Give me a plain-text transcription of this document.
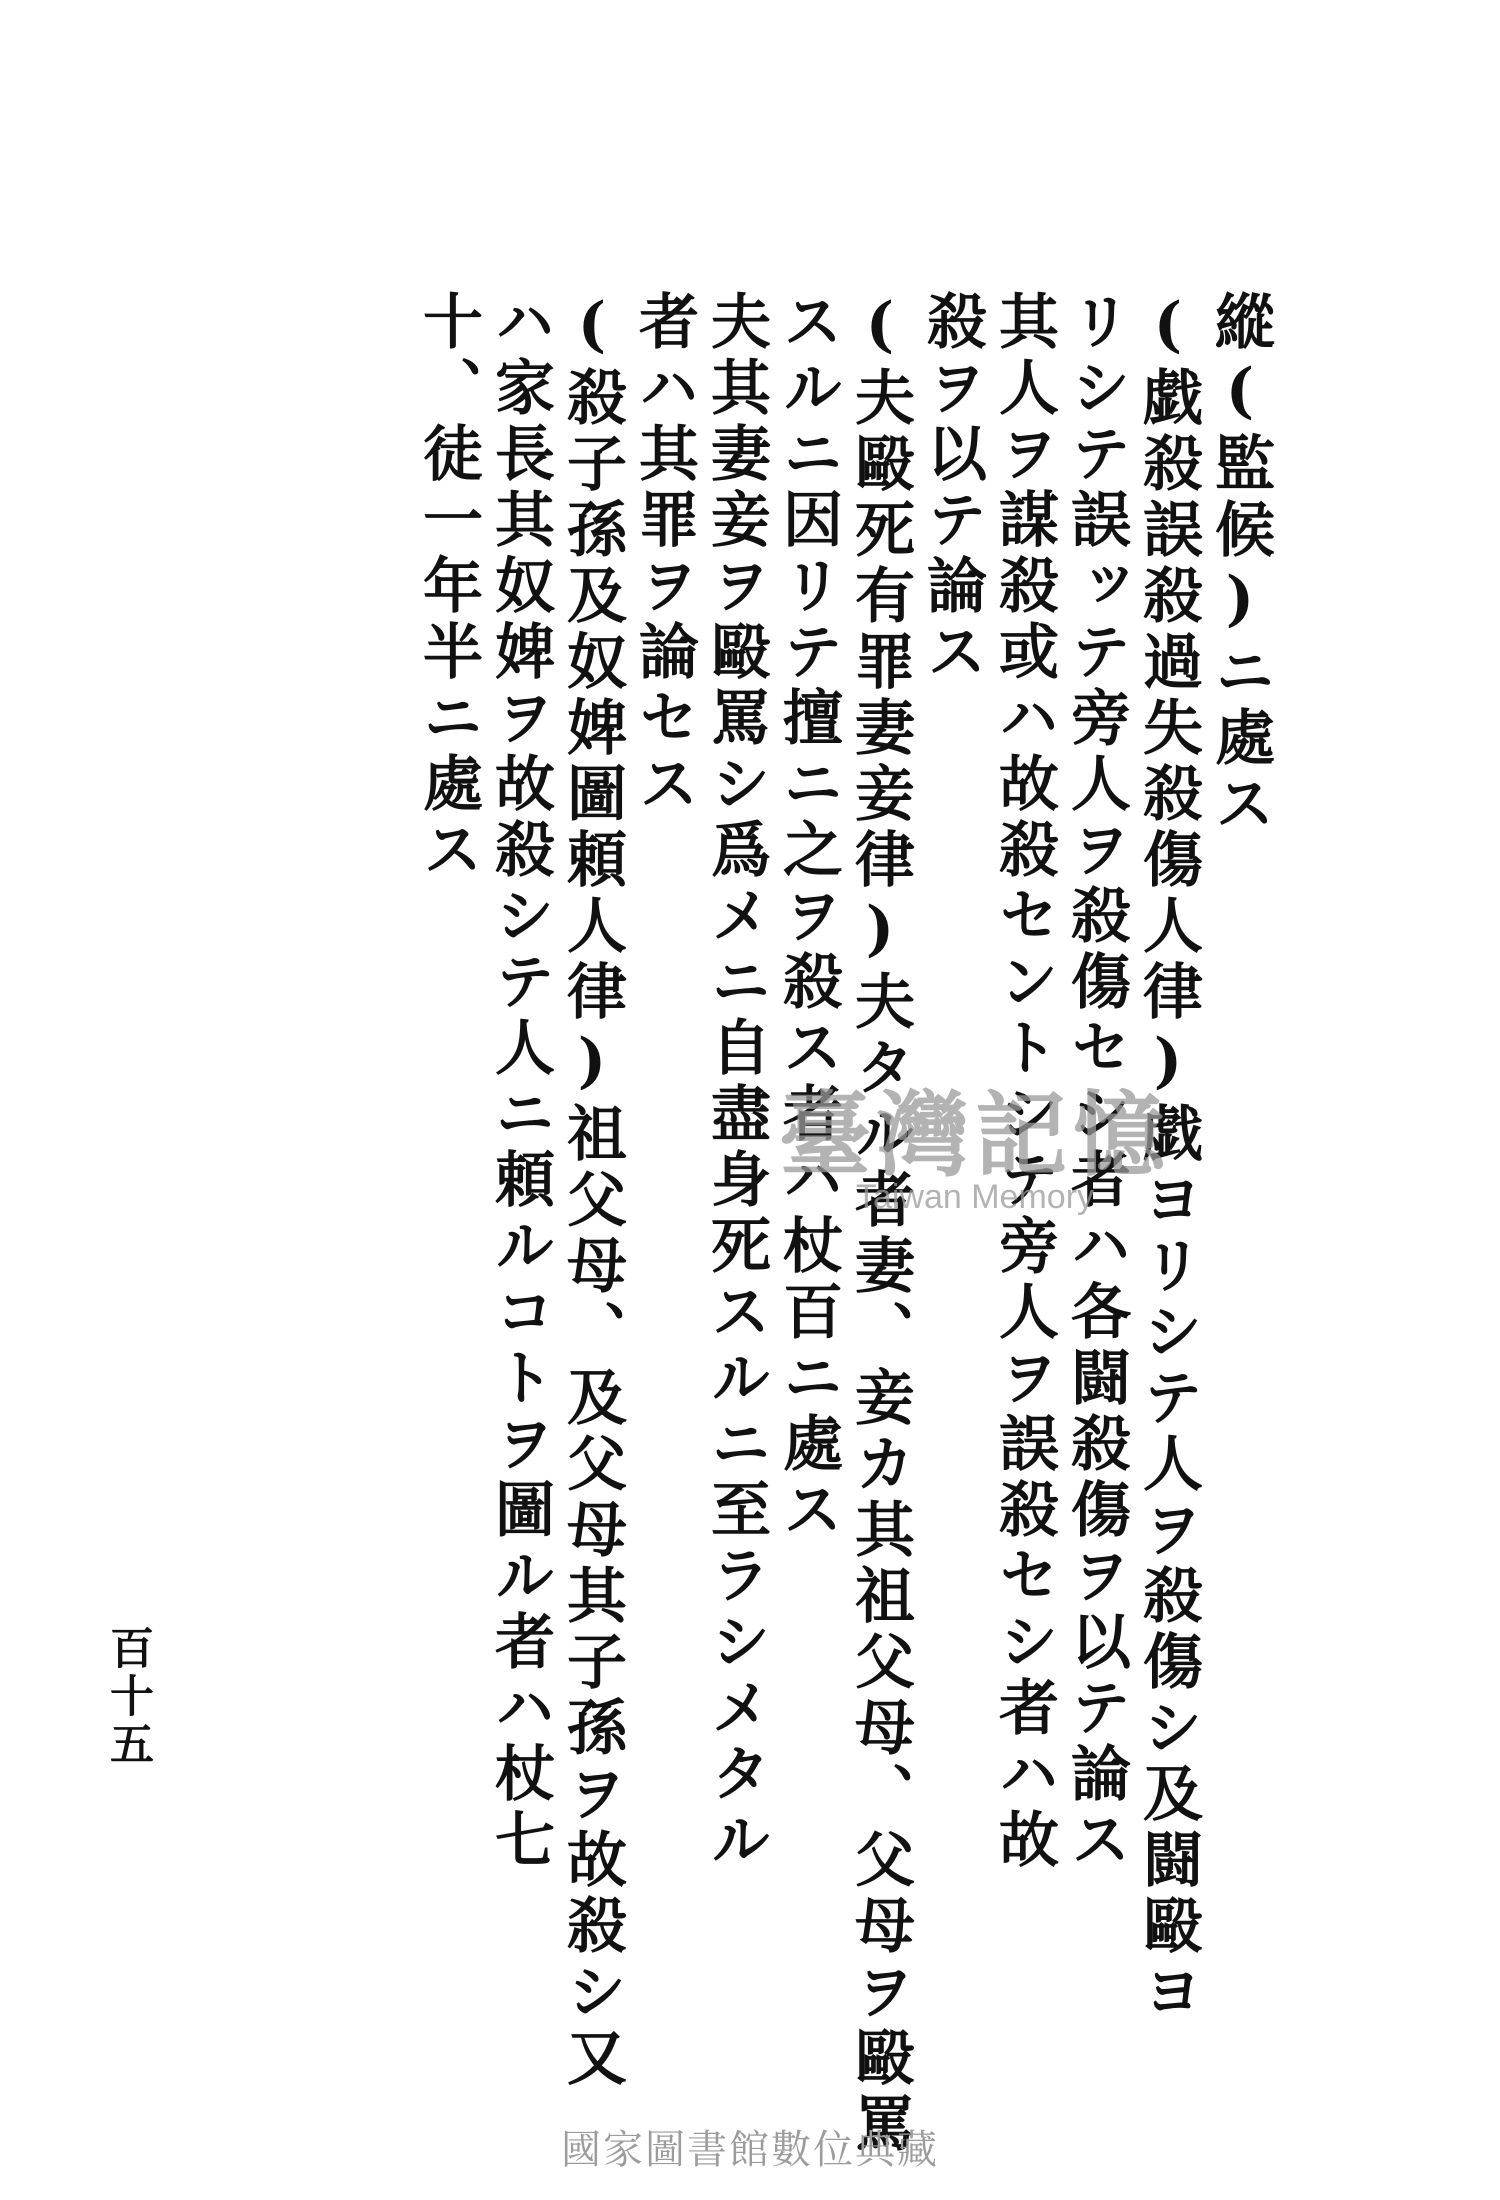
縱(監候)ニ處ス
(戯殺誤殺過失殺傷人律)戯ヨリシテ人ヲ殺傷シ及闘毆ヨ
リシテ誤ッテ旁人ヲ殺傷セシ者ハ各闘殺傷ヲ以テ論ス
其人ヲ謀殺或ハ故殺セントシテ旁人ヲ誤殺セシ者ハ故
殺ヲ以テ論ス
(夫毆死有罪妻妾律)夫タル者妻、妾カ其祖父母、父母ヲ毆罵
スルニ因リテ擅ニ之ヲ殺ス者ハ杖百ニ處ス
夫其妻妾ヲ毆罵シ爲メニ自盡身死スルニ至ラシメタル
者ハ其罪ヲ論セス
(殺子孫及奴婢圖頼人律)祖父母、及父母其子孫ヲ故殺シ又
ハ家長其奴婢ヲ故殺シテ人ニ頼ルコトヲ圖ル者ハ杖七
十、徒一年半ニ處ス
百十五
臺灣記憶
Taiwan Memory
國家圖書館數位典藏
